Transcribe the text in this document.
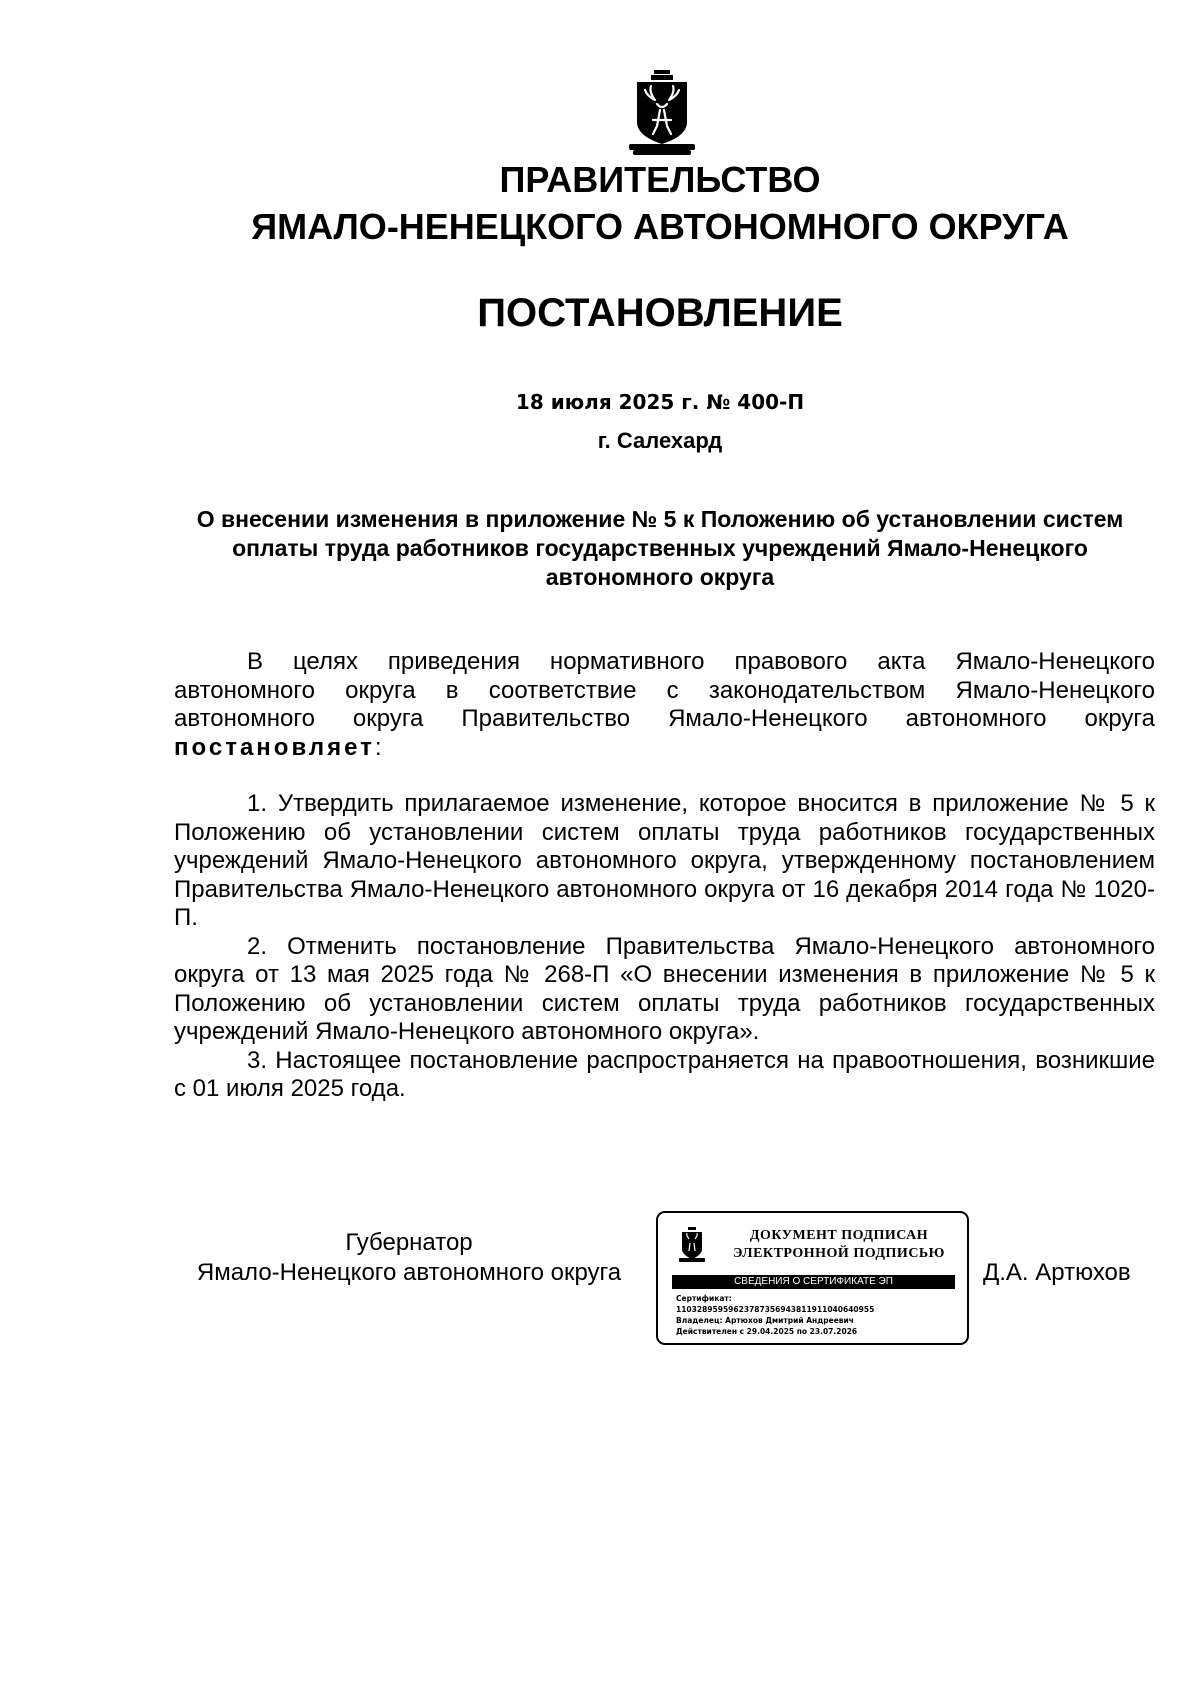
ПРАВИТЕЛЬСТВО
ЯМАЛО-НЕНЕЦКОГО АВТОНОМНОГО ОКРУГА
ПОСТАНОВЛЕНИЕ
18 июля 2025 г. № 400-П
г. Салехард
О внесении изменения в приложение № 5 к Положению об установлении систем оплаты труда работников государственных учреждений Ямало-Ненецкого автономного округа

В целях приведения нормативного правового акта Ямало-Ненецкого автономного округа в соответствие с законодательством Ямало-Ненецкого автономного округа Правительство Ямало-Ненецкого автономного округа постановляет:

1. Утвердить прилагаемое изменение, которое вносится в приложение № 5 к Положению об установлении систем оплаты труда работников государственных учреждений Ямало-Ненецкого автономного округа, утвержденному постановлением Правительства Ямало-Ненецкого автономного округа от 16 декабря 2014 года № 1020-П.

2. Отменить постановление Правительства Ямало-Ненецкого автономного округа от 13 мая 2025 года № 268-П «О внесении изменения в приложение № 5 к Положению об установлении систем оплаты труда работников государственных учреждений Ямало-Ненецкого автономного округа».

3. Настоящее постановление распространяется на правоотношения, возникшие с 01 июля 2025 года.

Губернатор
Ямало-Ненецкого автономного округа
ДОКУМЕНТ ПОДПИСАН
ЭЛЕКТРОННОЙ ПОДПИСЬЮ
СВЕДЕНИЯ О СЕРТИФИКАТЕ ЭП
Сертификат:
11032895959623787356943811911040640955
Владелец: Артюхов Дмитрий Андреевич
Действителен с 29.04.2025 по 23.07.2026
Д.А. Артюхов
